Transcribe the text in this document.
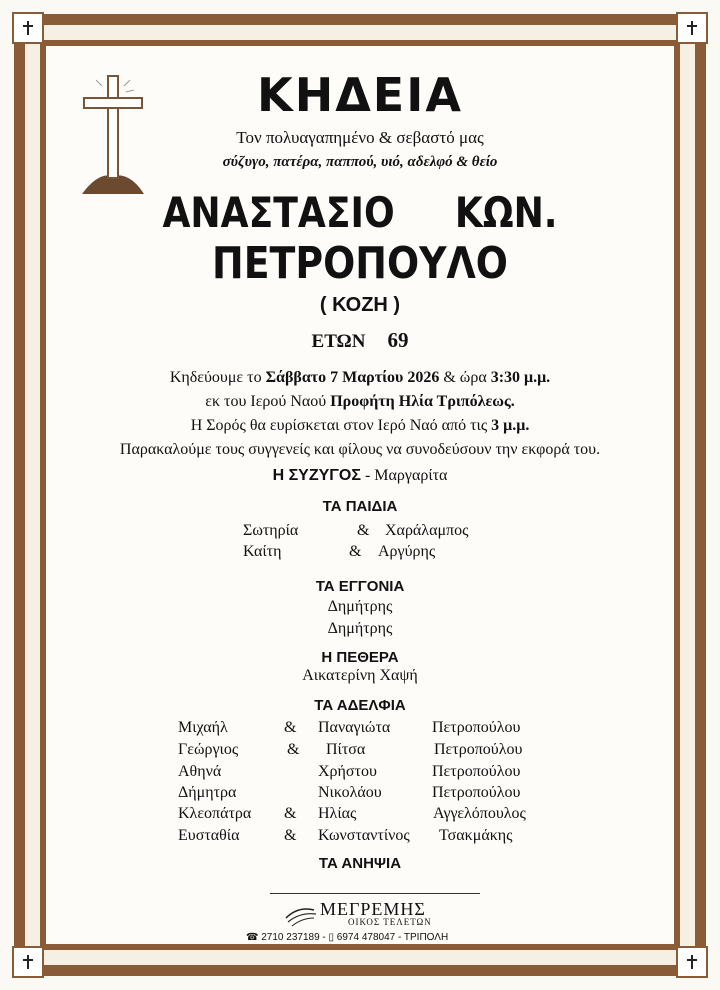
ΚΗΔΕΙΑ
Τον πολυαγαπημένο & σεβαστό μας
σύζυγο, πατέρα, παππού, υιό, αδελφό & θείο
ΑΝΑΣΤΑΣΙΟ ΚΩΝ.
ΠΕΤΡΟΠΟΥΛΟ
( ΚΟΖΗ )
ΕΤΩΝ 69
Κηδεύουμε το Σάββατο 7 Μαρτίου 2026 & ώρα 3:30 μ.μ.
εκ του Ιερού Ναού Προφήτη Ηλία Τριπόλεως.
Η Σορός θα ευρίσκεται στον Ιερό Ναό από τις 3 μ.μ.
Παρακαλούμε τους συγγενείς και φίλους να συνοδεύσουν την εκφορά του.
Η ΣΥΖΥΓΟΣ - Μαργαρίτα
ΤΑ ΠΑΙΔΙΑ
Σωτηρία	& Χαράλαμπος
Καίτη	& Αργύρης
ΤΑ ΕΓΓΟΝΙΑ
Δημήτρης
Δημήτρης
Η ΠΕΘΕΡΑ
Αικατερίνη Χαψή
ΤΑ ΑΔΕΛΦΙΑ
Μιχαήλ	& Παναγιώτα	Πετροπούλου
Γεώργιος	& Πίτσα	Πετροπούλου
Αθηνά	Χρήστου	Πετροπούλου
Δήμητρα	Νικολάου	Πετροπούλου
Κλεοπάτρα & Ηλίας	Αγγελόπουλος
Ευσταθία	& Κωνσταντίνος Τσακμάκης
ΤΑ ΑΝΗΨΙΑ
ΜΕΓΡΕΜΗΣ
ΟΙΚΟΣ ΤΕΛΕΤΩΝ
☎ 2710 237189 - ▯ 6974 478047 - ΤΡΙΠΟΛΗ
